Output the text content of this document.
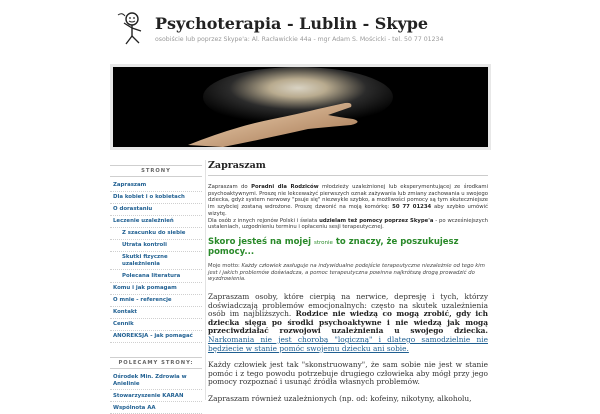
Psychoterapia - Lublin - Skype
osobiście lub poprzez Skype'a: Al. Racławickie 44a - mgr Adam S. Mościcki - tel. 50 77 01234
STRONY
Zapraszam
Dla kobiet i o kobietach
O dorastaniu
Leczenie uzależnień
Z szacunku do siebie
Utrata kontroli
Skutki fizyczne uzależnienia
Polecana literatura
Komu i jak pomagam
O mnie - referencje
Kontakt
Cennik
ANOREKSJA - jak pomagać
POLECAMY STRONY:
Ośrodek Min. Zdrowia w Anielinie
Stowarzyszenie KARAN
Wspólnota AA
Zapraszam

Zapraszam do Poradni dla Rodziców młodzieży uzależnionej lub eksperymentującej ze środkami psychoaktywnymi. Proszę nie lekceważyć pierwszych oznak zażywania lub zmiany zachowania u swojego dziecka, gdyż system nerwowy "psuje się" niezwykle szybko, a możliwości pomocy są tym skuteczniejsze im szybciej zostaną wdrożone. Proszę dzwonić na moją komórkę: 50 77 01234 aby szybko umówić wizytę.

Dla osób z innych rejonów Polski i świata udzielam też pomocy poprzez Skype'a - po wcześniejszych ustaleniach, uzgodnieniu terminu i opłaceniu sesji terapeutycznej.

Skoro jesteś na mojej stronie to znaczy, że poszukujesz pomocy...

Moje motto: Każdy człowiek zasługuje na indywidualne podejście terapeutyczne niezależnie od tego kim jest i jakich problemów doświadcza, a pomoc terapeutyczna powinna najkrótszą drogą prowadzić do wyzdrowienia.

Zapraszam osoby, które cierpią na nerwice, depresję i tych, którzy doświadczają problemów emocjonalnych: często na skutek uzależnienia osób im najbliższych. Rodzice nie wiedzą co mogą zrobić, gdy ich dziecka sięga po środki psychoaktywne i nie wiedzą jak mogą przeciwdziałać rozwojowi uzależnienia u swojego dziecka. Narkomania nie jest chorobą "logiczną" i dlatego samodzielnie nie będziecie w stanie pomóc swojemu dziecku ani sobie.

Każdy człowiek jest tak "skonstruowany", że sam sobie nie jest w stanie pomóc i z tego powodu potrzebuje drugiego człowieka aby mógł przy jego pomocy rozpoznać i usunąć źródła własnych problemów.

Zapraszam również uzależnionych (np. od: kofeiny, nikotyny, alkoholu,
